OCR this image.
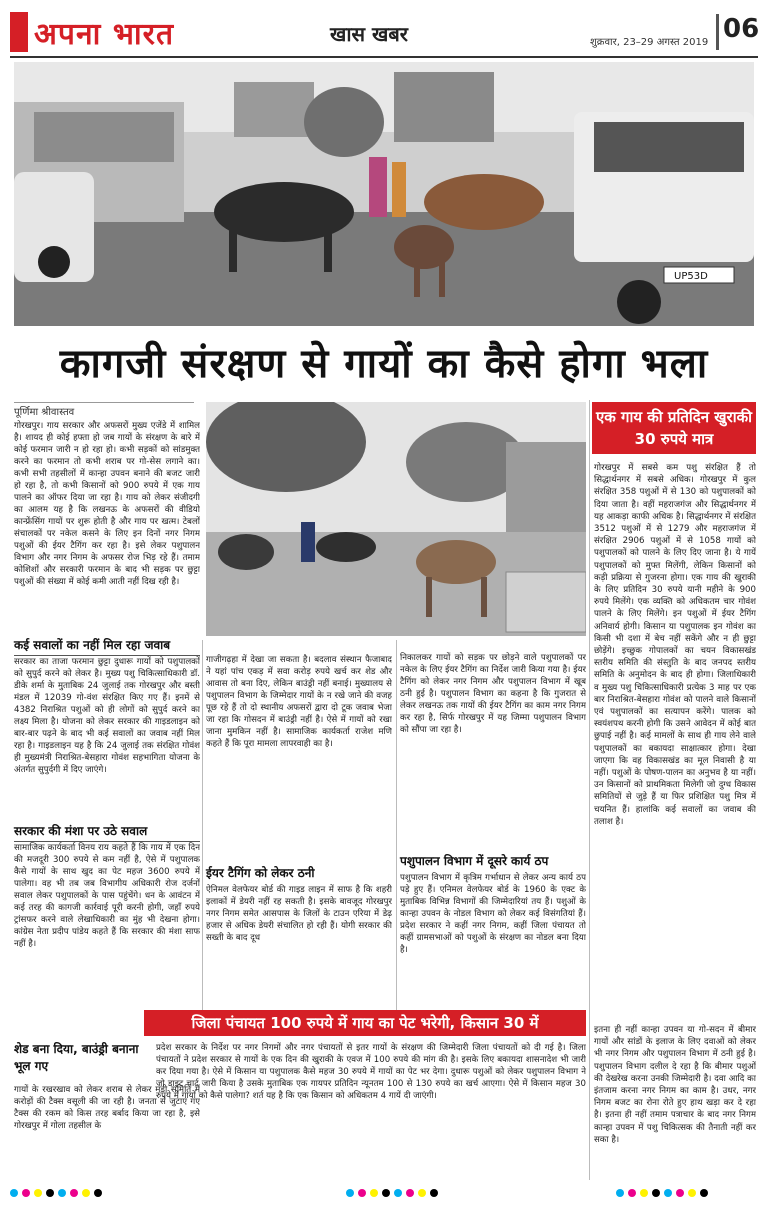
अपना भारत	खास खबर	शुक्रवार, 23–29 अगस्त 2019 06
UP53D
कागजी संरक्षण से गायों का कैसे होगा भला
पूर्णिमा श्रीवास्तव
गोरखपुर। गाय सरकार और अफसरों मुख्य एजेंडे में शामिल है। शायद ही कोई हफ्ता हो जब गायों के संरक्षण के बारे में कोई फरमान जारी न हो रहा हो। कभी सड़कों को सांडमुक्त करने का फरमान तो कभी शराब पर गो-सेस लगाने का। कभी सभी तहसीलों में कान्हा उपवन बनाने की बजट जारी हो रहा है, तो कभी किसानों को 900 रुपये में एक गाय पालने का ऑफर दिया जा रहा है। गाय को लेकर संजीदगी का आलम यह है कि लखनऊ के अफसरों की वीडियो कान्फ्रेंसिंग गायों पर शुरू होती है और गाय पर खत्म। टेबलों संचालकों पर नकेल कसने के लिए इन दिनों नगर निगम पशुओं की ईयर टैगिंग कर रहा है। इसे लेकर पशुपालन विभाग और नगर निगम के अफसर रोज भिड़ रहे हैं। तमाम कोशिशों और सरकारी फरमान के बाद भी सड़क पर छुट्टा पशुओं की संख्या में कोई कमी आती नहीं दिख रही है।
एक गाय की प्रतिदिन खुराकी 30 रुपये मात्र
गोरखपुर में सबसे कम पशु संरक्षित हैं तो सिद्धार्थनगर में सबसे अधिक। गोरखपुर में कुल संरक्षित 358 पशुओं में से 130 को पशुपालकों को दिया जाता है। वहीं महराजगंज और सिद्धार्थनगर में यह आकड़ा काफी अधिक है। सिद्धार्थनगर में संरक्षित 3512 पशुओं में से 1279 और महराजगंज में संरक्षित 2906 पशुओं में से 1058 गायों को पशुपालकों को पालने के लिए दिए जाना है। ये गायें पशुपालकों को मुफ्त मिलेंगी, लेकिन किसानों को कड़ी प्रक्रिया से गुजरना होगा। एक गाय की खुराकी के लिए प्रतिदिन 30 रुपये यानी महीने के 900 रुपये मिलेंगे। एक व्यक्ति को अधिकतम चार गोवंश पालने के लिए मिलेंगे। इन पशुओं में ईयर टैगिंग अनिवार्य होगी। किसान या पशुपालक इन गोवंश का किसी भी दशा में बेच नहीं सकेंगे और न ही छुट्टा छोड़ेंगे। इच्छुक गोपालकों का चयन विकासखंड स्तरीय समिति की संस्तुति के बाद जनपद स्तरीय समिति के अनुमोदन के बाद ही होगा। जिलाधिकारी व मुख्य पशु चिकित्साधिकारी प्रत्येक 3 माह पर एक बार निराश्रित-बेसहारा गोवंश को पालने वाले किसानों एवं पशुपालकों का सत्यापन करेंगे। पालक को स्वयंशपथ करनी होगी कि उसने आवेदन में कोई बात छुपाई नहीं है। कई मामलों के साथ ही गाय लेने वाले पशुपालकों का बकायदा साक्षात्कार होगा। देखा जाएगा कि वह विकासखंड का मूल निवासी है या नहीं। पशुओं के पोषण-पालन का अनुभव है या नहीं। उन किसानों को प्राथमिकता मिलेगी जो दुग्ध विकास समितियों से जुड़े हैं या फिर प्रशिक्षित पशु मित्र में चयनित हैं। हालांकि कई सवालों का जवाब की तलाश है।
कई सवालों का नहीं मिल रहा जवाब
सरकार का ताजा फरमान छुट्टा दुधारू गायों को पशुपालकों को सुपुर्द करने को लेकर है। मुख्य पशु चिकित्साधिकारी डॉ. डीके शर्मा के मुताबिक 24 जुलाई तक गोरखपुर और बस्ती मंडल में 12039 गो-वंश संरक्षित किए गए हैं। इनमें से 4382 निराश्रित पशुओं को ही लोगों को सुपुर्द करने का लक्ष्य मिला है। योजना को लेकर सरकार की गाइडलाइन को बार-बार पढ़ने के बाद भी कई सवालों का जवाब नहीं मिल रहा है। गाइडलाइन यह है कि 24 जुलाई तक संरक्षित गोवंश ही मुख्यमंत्री निराश्रित-बेसहारा गोवंश सहभागिता योजना के अंतर्गत सुपुर्दगी में दिए जाएंगे।
सरकार की मंशा पर उठे सवाल
सामाजिक कार्यकर्ता विनय राय कहते हैं कि गाय में एक दिन की मजदूरी 300 रुपये से कम नहीं है, ऐसे में पशुपालक कैसे गायों के साथ खुद का पेट महज 3600 रुपये में पालेगा। वह भी तब जब विभागीय अधिकारी रोज दर्जनों सवाल लेकर पशुपालकों के पास पहुंचेंगे। धन के आवंटन में कई तरह की कागजी कार्रवाई पूरी करनी होगी, जहाँ रुपये ट्रांसफर करने वाले लेखाधिकारी का मुंह भी देखना होगा। कांग्रेस नेता प्रदीप पांडेय कहते हैं कि सरकार की मंशा साफ नहीं है।
शेड बना दिया, बाउंड्री बनाना भूल गए
गायों के रखरखाव को लेकर शराब से लेकर मंडी समिति में करोड़ों की टैक्स वसूली की जा रही है। जनता से जुटाए गए टैक्स की रकम को किस तरह बर्बाद किया जा रहा है, इसे गोरखपुर में गोला तहसील के
गाजीगढ़हा में देखा जा सकता है। बदलाव संस्थान फैजाबाद ने यहां पांच एकड़ में सवा करोड़ रुपये खर्च कर शेड और आवास तो बना दिए, लेकिन बाउंड्री नहीं बनाई। मुख्यालय से पशुपालन विभाग के जिम्मेदार गायों के न रखे जाने की वजह पूछ रहे हैं तो दो स्थानीय अफसरों द्वारा दो टूक जवाब भेजा जा रहा कि गोसदन में बाउंड्री नहीं है। ऐसे में गायों को रखा जाना मुमकिन नहीं है। सामाजिक कार्यकर्ता राजेश मणि कहते हैं कि पूरा मामला लापरवाही का है।
ईयर टैगिंग को लेकर ठनी
ऐनिमल वेलफेयर बोर्ड की गाइड लाइन में साफ है कि शहरी इलाकों में डेयरी नहीं रह सकती है। इसके बावजूद गोरखपुर नगर निगम समेत आसपास के जिलों के टाउन एरिया में डेढ़ हजार से अधिक डेयरी संचालित हो रही हैं। योगी सरकार की सख्ती के बाद दूध
निकालकर गायों को सड़क पर छोड़ने वाले पशुपालकों पर नकेल के लिए ईयर टैगिंग का निर्देश जारी किया गया है। ईयर टैगिंग को लेकर नगर निगम और पशुपालन विभाग में खूब ठनी हुई है। पशुपालन विभाग का कहना है कि गुजरात से लेकर लखनऊ तक गायों की ईयर टैगिंग का काम नगर निगम कर रहा है, सिर्फ गोरखपुर में यह जिम्मा पशुपालन विभाग को सौंपा जा रहा है।
पशुपालन विभाग में दूसरे कार्य ठप
पशुपालन विभाग में कृत्रिम गर्भाधान से लेकर अन्य कार्य ठप पड़े हुए हैं। एनिमल वेलफेयर बोर्ड के 1960 के एक्ट के मुताबिक विभिन्न विभागों की जिम्मेदारियां तय हैं। पशुओं के कान्हा उपवन के नोडल विभाग को लेकर कई विसंगतियां हैं। प्रदेश सरकार ने कहीं नगर निगम, कहीं जिला पंचायत तो कहीं ग्रामसभाओं को पशुओं के संरक्षण का नोडल बना दिया है।
जिला पंचायत 100 रुपये में गाय का पेट भरेगी, किसान 30 में
प्रदेश सरकार के निर्देश पर नगर निगमों और नगर पंचायतों से इतर गायों के संरक्षण की जिम्मेदारी जिला पंचायतों को दी गई है। जिला पंचायतों ने प्रदेश सरकार से गायों के एक दिन की खुराकी के एवज में 100 रुपये की मांग की है। इसके लिए बकायदा शासनादेश भी जारी कर दिया गया है। ऐसे में किसान या पशुपालक कैसे महज 30 रुपये में गायों का पेट भर देगा। दुधारू पशुओं को लेकर पशुपालन विभाग ने जो डाइट चार्ट जारी किया है उसके मुताबिक एक गायपर प्रतिदिन न्यूनतम 100 से 130 रुपये का खर्च आएगा। ऐसे में किसान महज 30 रुपये में गायों को कैसे पालेगा? शर्त यह है कि एक किसान को अधिकतम 4 गायें दी जाएंगी।
इतना ही नहीं कान्हा उपवन या गो-सदन में बीमार गायों और सांडों के इलाज के लिए दवाओं को लेकर भी नगर निगम और पशुपालन विभाग में ठनी हुई है। पशुपालन विभाग दलील दे रहा है कि बीमार पशुओं की देखरेख करना उनकी जिम्मेदारी है। दवा आदि का इंतजाम करना नगर निगम का काम है। उधर, नगर निगम बजट का रोना रोते हुए हाथ खड़ा कर दे रहा है। इतना ही नहीं तमाम पत्राचार के बाद नगर निगम कान्हा उपवन में पशु चिकित्सक की तैनाती नहीं कर सका है।
